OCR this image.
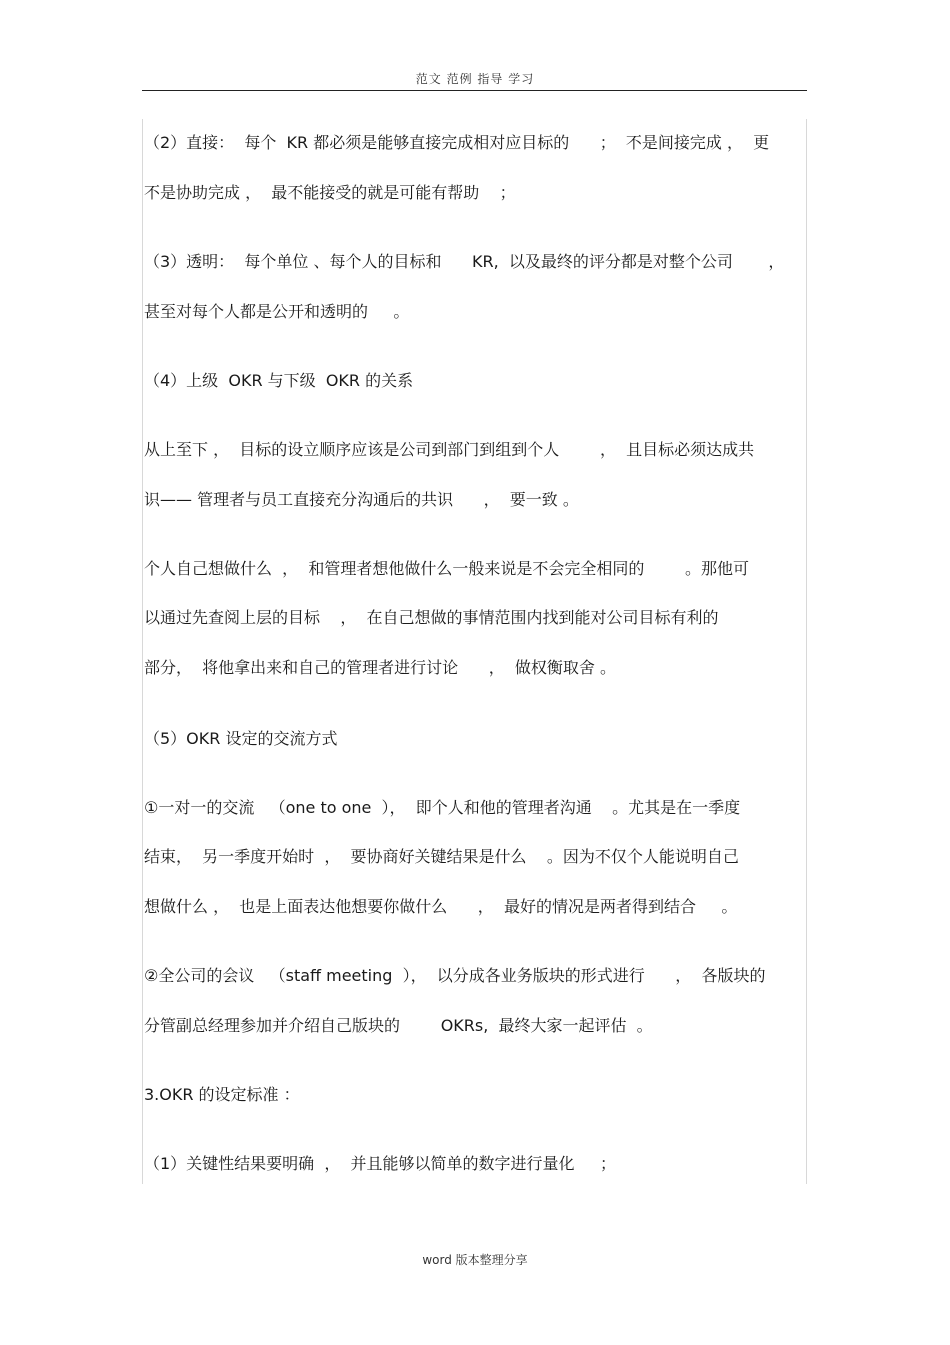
范文 范例 指导 学习
（2）直接：  每个  KR 都必须是能够直接完成相对应目标的      ；  不是间接完成 ，  更
不是协助完成 ，  最不能接受的就是可能有帮助    ；
（3）透明：  每个单位 、每个人的目标和      KR,  以及最终的评分都是对整个公司       ，
甚至对每个人都是公开和透明的     。
（4）上级  OKR 与下级  OKR 的关系
从上至下 ，  目标的设立顺序应该是公司到部门到组到个人        ，  且目标必须达成共
识—— 管理者与员工直接充分沟通后的共识      ，  要一致 。
个人自己想做什么  ，  和管理者想他做什么一般来说是不会完全相同的        。那他可
以通过先查阅上层的目标    ，  在自己想做的事情范围内找到能对公司目标有利的
部分，  将他拿出来和自己的管理者进行讨论      ，  做权衡取舍 。
（5）OKR 设定的交流方式
①一对一的交流   （one to one  ），  即个人和他的管理者沟通    。尤其是在一季度
结束，  另一季度开始时  ，  要协商好关键结果是什么    。因为不仅个人能说明自己
想做什么 ，  也是上面表达他想要你做什么      ，  最好的情况是两者得到结合     。
②全公司的会议   （staff meeting  ），  以分成各业务版块的形式进行      ，  各版块的
分管副总经理参加并介绍自己版块的        OKRs,  最终大家一起评估  。
3.OKR 的设定标准 ：
（1）关键性结果要明确  ，  并且能够以简单的数字进行量化     ；
word 版本整理分享
